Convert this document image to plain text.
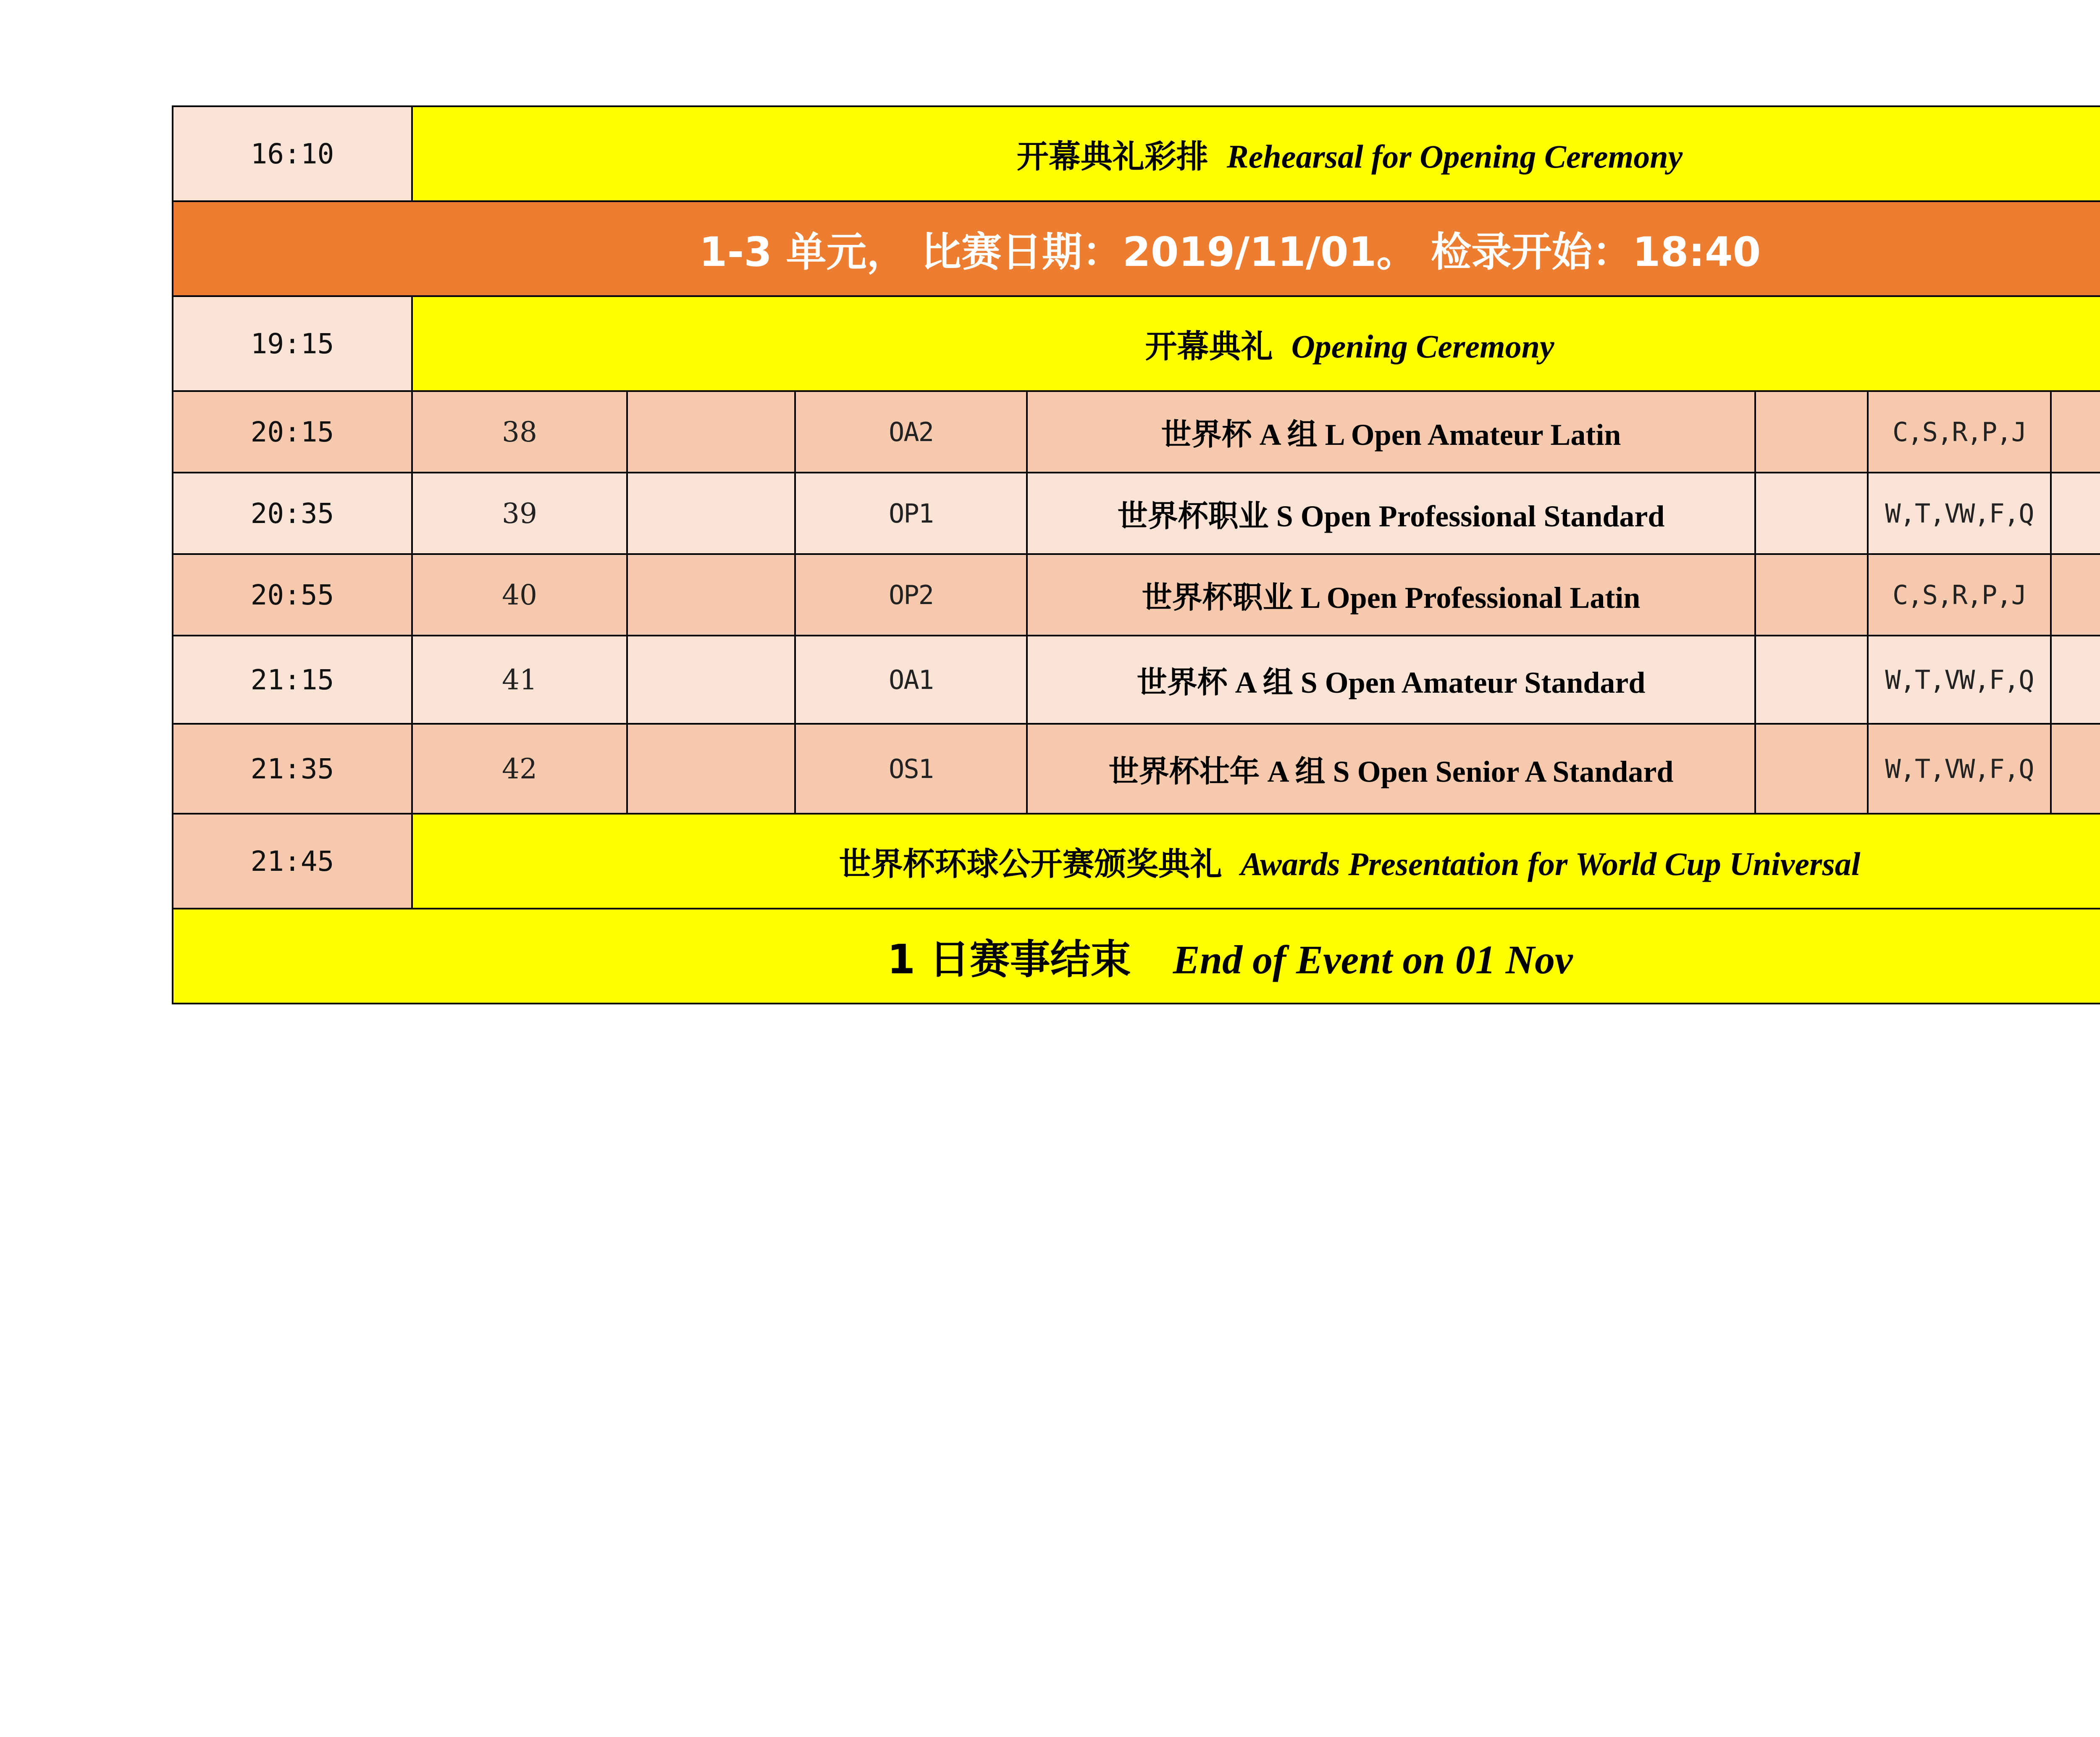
16:10	开幕典礼彩排 Rehearsal for Opening Ceremony						
1-3 单元， 比赛日期：2019/11/01。 检录开始：18:40							
19:15	开幕典礼 Opening Ceremony						
20:15	38		OA2	世界杯 A 组 L Open Amateur Latin		C,S,R,P,J	
20:35	39		OP1	世界杯职业 S Open Professional Standard		W,T,VW,F,Q	
20:55	40		OP2	世界杯职业 L Open Professional Latin		C,S,R,P,J	
21:15	41		OA1	世界杯 A 组 S Open Amateur Standard		W,T,VW,F,Q	
21:35	42		OS1	世界杯壮年 A 组 S Open Senior A Standard		W,T,VW,F,Q	
21:45	世界杯环球公开赛颁奖典礼 Awards Presentation for World Cup Universal						
1 日赛事结束 End of Event on 01 Nov							
